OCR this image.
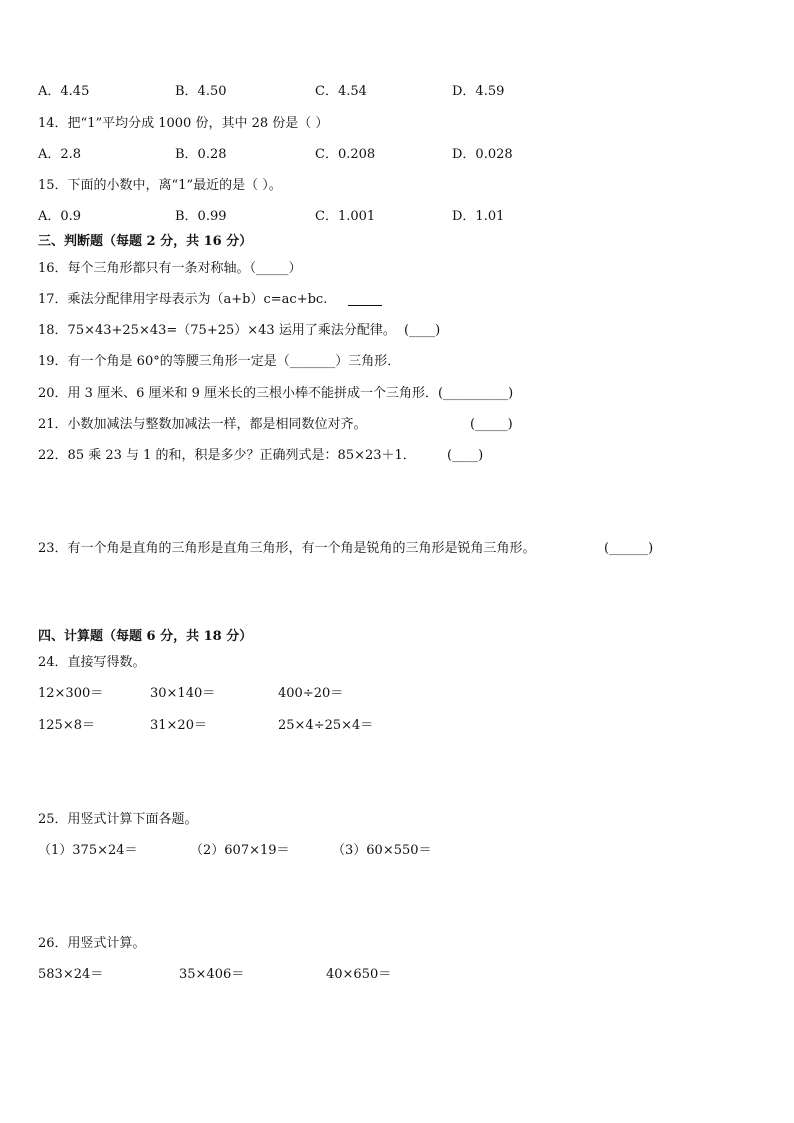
A．4.45	B．4.50	C．4.54	D．4.59
14．把“1”平均分成 1000 份，其中 28 份是（ ）
A．2.8	B．0.28	C．0.208	D．0.028
15．下面的小数中，离“1”最近的是（ ）。
A．0.9	B．0.99	C．1.001	D．1.01
三、判断题（每题 2 分，共 16 分）
16．每个三角形都只有一条对称轴。（_____）
17．乘法分配律用字母表示为（a+b）c=ac+bc.
18．75×43+25×43=（75+25）×43 运用了乘法分配律。 (____)
19．有一个角是 60°的等腰三角形一定是（_______）三角形．
20．用 3 厘米、6 厘米和 9 厘米长的三根小棒不能拼成一个三角形．(__________)
21．小数加减法与整数加减法一样，都是相同数位对齐。	(_____)
22．85 乘 23 与 1 的和，积是多少？正确列式是：85×23＋1． (____)
23．有一个角是直角的三角形是直角三角形，有一个角是锐角的三角形是锐角三角形。	(______)
四、计算题（每题 6 分，共 18 分）
24．直接写得数。
12×300＝	30×140＝	400÷20＝
125×8＝	31×20＝	25×4÷25×4＝
25．用竖式计算下面各题。
（1）375×24＝	（2）607×19＝	（3）60×550＝
26．用竖式计算。
583×24＝	35×406＝	40×650＝
